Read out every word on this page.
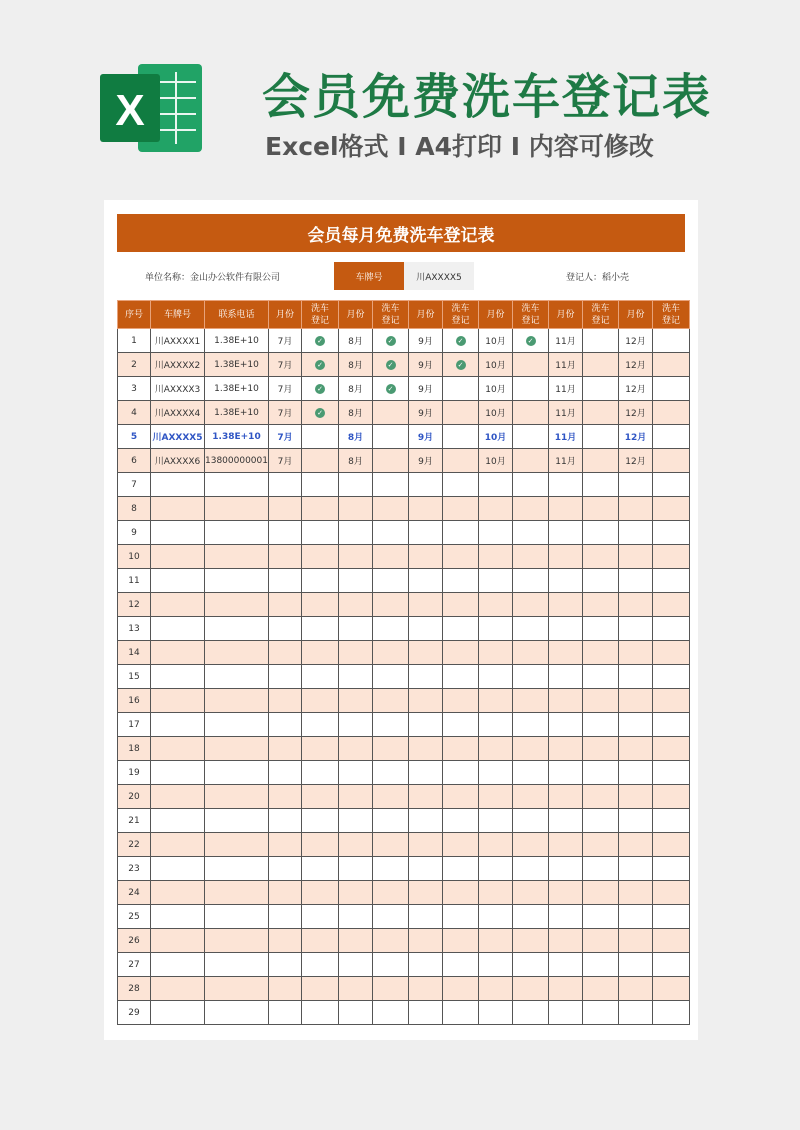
X 会员免费洗车登记表
Excel格式 I A4打印 I 内容可修改
会员每月免费洗车登记表
单位名称：金山办公软件有限公司	车牌号	川AXXXX5	登记人：稻小壳
序号	车牌号	联系电话	月份	洗车登记	月份	洗车登记	月份	洗车登记	月份	洗车登记	月份	洗车登记	月份	洗车登记
1	川AXXXX1	1.38E+10	7月	✓	8月	✓	9月	✓	10月	✓	11月		12月	
2	川AXXXX2	1.38E+10	7月	✓	8月	✓	9月	✓	10月		11月		12月	
3	川AXXXX3	1.38E+10	7月	✓	8月	✓	9月		10月		11月		12月	
4	川AXXXX4	1.38E+10	7月	✓	8月		9月		10月		11月		12月	
5	川AXXXX5	1.38E+10	7月		8月		9月		10月		11月		12月	
6	川AXXXX6	13800000001	7月		8月		9月		10月		11月		12月	
7														
8														
9														
10														
11														
12														
13														
14														
15														
16														
17														
18														
19														
20														
21														
22														
23														
24														
25														
26														
27														
28														
29														
